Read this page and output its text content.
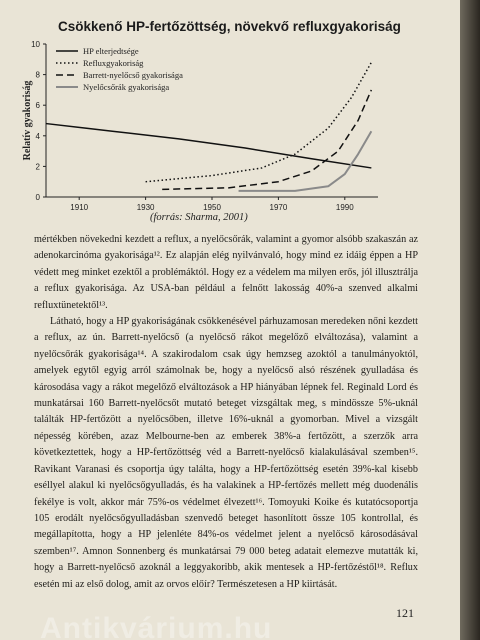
Csökkenő HP-fertőzöttség, növekvő refluxgyakoriság
0
2
4
6
8
10
1910	1930	1950	1970	1990
Relatív gyakoriság
HP elterjedtsége
Refluxgyakoriság
Barrett-nyelőcső gyakorisága
Nyelőcsőrák gyakorisága
(forrás: Sharma, 2001)

mértékben növekedni kezdett a reflux, a nyelőcsőrák, valamint a gyomor alsóbb szakaszán az adenokarcinóma gyakorisága¹². Ez alapján elég nyilvánvaló, hogy mind ez idáig éppen a HP védett meg minket ezektől a problémáktól. Hogy ez a védelem ma milyen erős, jól illusztrálja a reflux gyakorisága. Az USA-ban például a felnőtt lakosság 40%-a szenved alkalmi refluxtünetektől¹³.

Látható, hogy a HP gyakoriságának csökkenésével párhuzamosan meredeken nőni kezdett a reflux, az ún. Barrett-nyelőcső (a nyelőcső rákot megelőző elváltozása), valamint a nyelőcsőrák gyakorisága¹⁴. A szakirodalom csak úgy hemzseg azoktól a tanulmányoktól, amelyek egytől egyig arról számolnak be, hogy a nyelőcső alsó részének gyulladása és károsodása vagy a rákot megelőző elváltozások a HP hiányában lépnek fel. Reginald Lord és munkatársai 160 Barrett-nyelőcsőt mutató beteget vizsgáltak meg, s mindössze 5%-uknál találták HP-fertőzött a nyelőcsőben, illetve 16%-uknál a gyomorban. Mivel a vizsgált népesség körében, azaz Melbourne-ben az emberek 38%-a fertőzött, a szerzők arra következtettek, hogy a HP-fertőzöttség véd a Barrett-nyelőcső kialakulásával szemben¹⁵. Ravikant Varanasi és csoportja úgy találta, hogy a HP-fertőzöttség esetén 39%-kal kisebb eséllyel alakul ki nyelőcsőgyulladás, és ha valakinek a HP-fertőzés mellett még duodenális fekélye is volt, akkor már 75%-os védelmet élvezett¹⁶. Tomoyuki Koike és kutatócsoportja 105 erodált nyelőcsőgyulladásban szenvedő beteget hasonlított össze 105 kontrollal, és megállapította, hogy a HP jelenléte 84%-os védelmet jelent a nyelőcső károsodásával szemben¹⁷. Amnon Sonnenberg és munkatársai 79 000 beteg adatait elemezve mutatták ki, hogy a Barrett-nyelőcső azoknál a leggyakoribb, akik mentesek a HP-fertőzéstől¹⁸. Reflux esetén mi az első dolog, amit az orvos előír? Természetesen a HP kiirtását.

121
Antikvárium.hu
